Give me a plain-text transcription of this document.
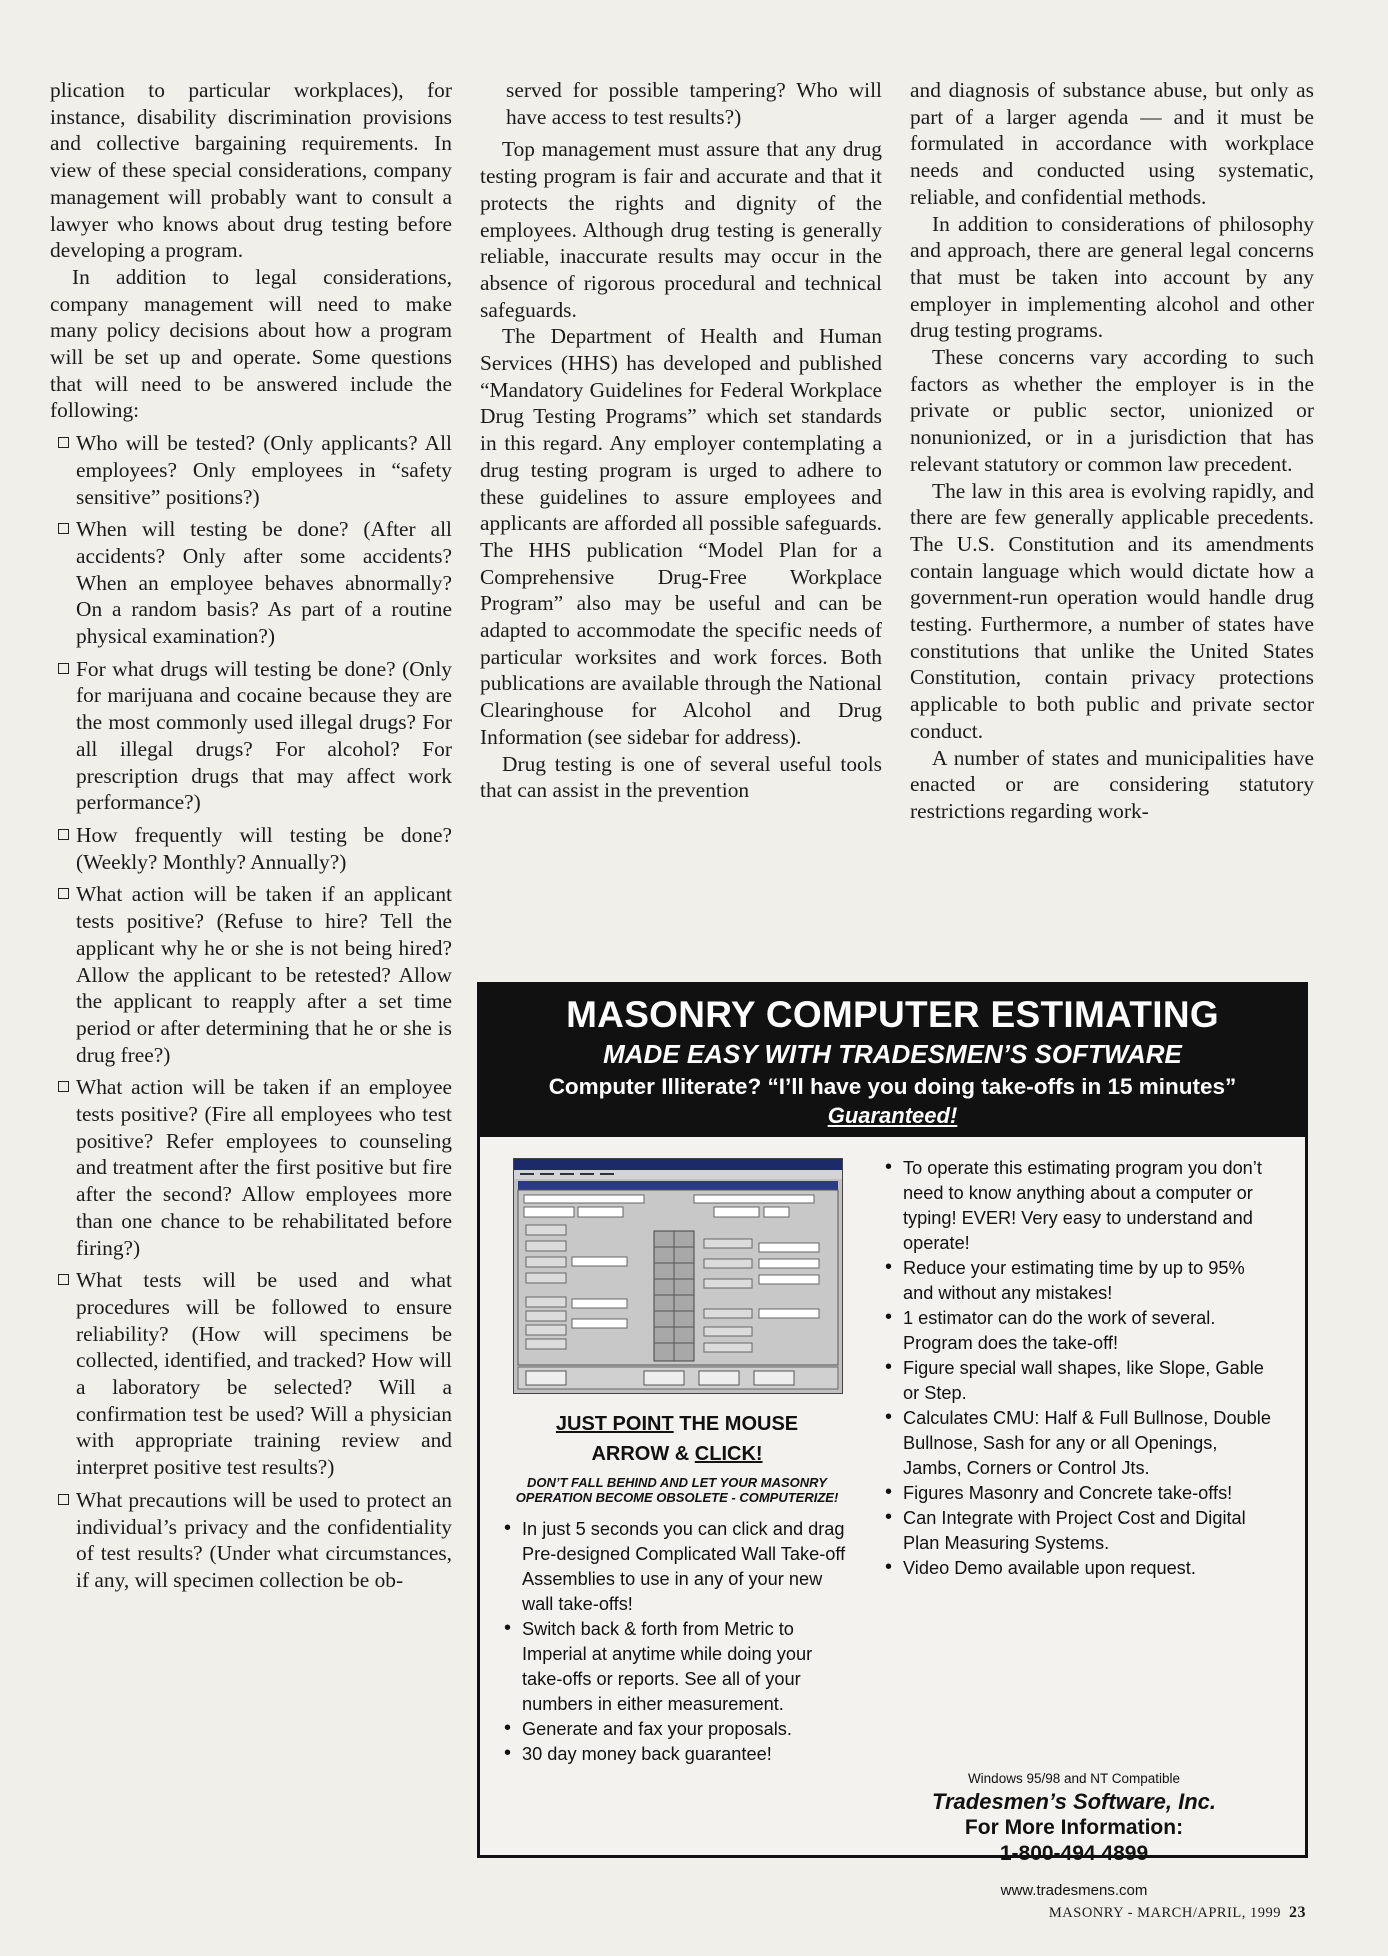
plication to particular workplaces), for instance, disability discrimination provisions and collective bargaining requirements. In view of these special considerations, company management will probably want to consult a lawyer who knows about drug testing before developing a program.

In addition to legal considerations, company management will need to make many policy decisions about how a program will be set up and operate. Some questions that will need to be answered include the following:

Who will be tested? (Only applicants? All employees? Only employees in “safety sensitive” positions?)
When will testing be done? (After all accidents? Only after some accidents? When an employee behaves abnormally? On a random basis? As part of a routine physical examination?)
For what drugs will testing be done? (Only for marijuana and cocaine because they are the most commonly used illegal drugs? For all illegal drugs? For alcohol? For prescription drugs that may affect work performance?)
How frequently will testing be done? (Weekly? Monthly? Annually?)
What action will be taken if an applicant tests positive? (Refuse to hire? Tell the applicant why he or she is not being hired? Allow the applicant to be retested? Allow the applicant to reapply after a set time period or after determining that he or she is drug free?)
What action will be taken if an employee tests positive? (Fire all employees who test positive? Refer employees to counseling and treatment after the first positive but fire after the second? Allow employees more than one chance to be rehabilitated before firing?)
What tests will be used and what procedures will be followed to ensure reliability? (How will specimens be collected, identified, and tracked? How will a laboratory be selected? Will a confirmation test be used? Will a physician with appropriate training review and interpret positive test results?)
What precautions will be used to protect an individual’s privacy and the confidentiality of test results? (Under what circumstances, if any, will specimen collection be ob-
served for possible tampering? Who will have access to test results?)

Top management must assure that any drug testing program is fair and accurate and that it protects the rights and dignity of the employees. Although drug testing is generally reliable, inaccurate results may occur in the absence of rigorous procedural and technical safeguards.

The Department of Health and Human Services (HHS) has developed and published “Mandatory Guidelines for Federal Workplace Drug Testing Programs” which set standards in this regard. Any employer contemplating a drug testing program is urged to adhere to these guidelines to assure employees and applicants are afforded all possible safeguards. The HHS publication “Model Plan for a Comprehensive Drug-Free Workplace Program” also may be useful and can be adapted to accommodate the specific needs of particular worksites and work forces. Both publications are available through the National Clearinghouse for Alcohol and Drug Information (see sidebar for address).

Drug testing is one of several useful tools that can assist in the prevention

and diagnosis of substance abuse, but only as part of a larger agenda — and it must be formulated in accordance with workplace needs and conducted using systematic, reliable, and confidential methods.

In addition to considerations of philosophy and approach, there are general legal concerns that must be taken into account by any employer in implementing alcohol and other drug testing programs.

These concerns vary according to such factors as whether the employer is in the private or public sector, unionized or nonunionized, or in a jurisdiction that has relevant statutory or common law precedent.

The law in this area is evolving rapidly, and there are few generally applicable precedents. The U.S. Constitution and its amendments contain language which would dictate how a government-run operation would handle drug testing. Furthermore, a number of states have constitutions that unlike the United States Constitution, contain privacy protections applicable to both public and private sector conduct.

A number of states and municipalities have enacted or are considering statutory restrictions regarding work-

MASONRY COMPUTER ESTIMATING
MADE EASY WITH TRADESMEN’S SOFTWARE
Computer Illiterate? “I’ll have you doing take-offs in 15 minutes”
Guaranteed!
JUST POINT THE MOUSE
ARROW & CLICK!
DON’T FALL BEHIND AND LET YOUR MASONRY OPERATION BECOME OBSOLETE - COMPUTERIZE!
• In just 5 seconds you can click and drag Pre-designed Complicated Wall Take-off Assemblies to use in any of your new wall take-offs!
• Switch back & forth from Metric to Imperial at anytime while doing your take-offs or reports. See all of your numbers in either measurement.
• Generate and fax your proposals.
• 30 day money back guarantee!
• To operate this estimating program you don’t need to know anything about a computer or typing! EVER! Very easy to understand and operate!
• Reduce your estimating time by up to 95% and without any mistakes!
• 1 estimator can do the work of several. Program does the take-off!
• Figure special wall shapes, like Slope, Gable or Step.
• Calculates CMU: Half & Full Bullnose, Double Bullnose, Sash for any or all Openings, Jambs, Corners or Control Jts.
• Figures Masonry and Concrete take-offs!
• Can Integrate with Project Cost and Digital Plan Measuring Systems.
• Video Demo available upon request.
Windows 95/98 and NT Compatible
Tradesmen’s Software, Inc.
For More Information:
1-800-494 4899
www.tradesmens.com
MASONRY - MARCH/APRIL, 1999 23
